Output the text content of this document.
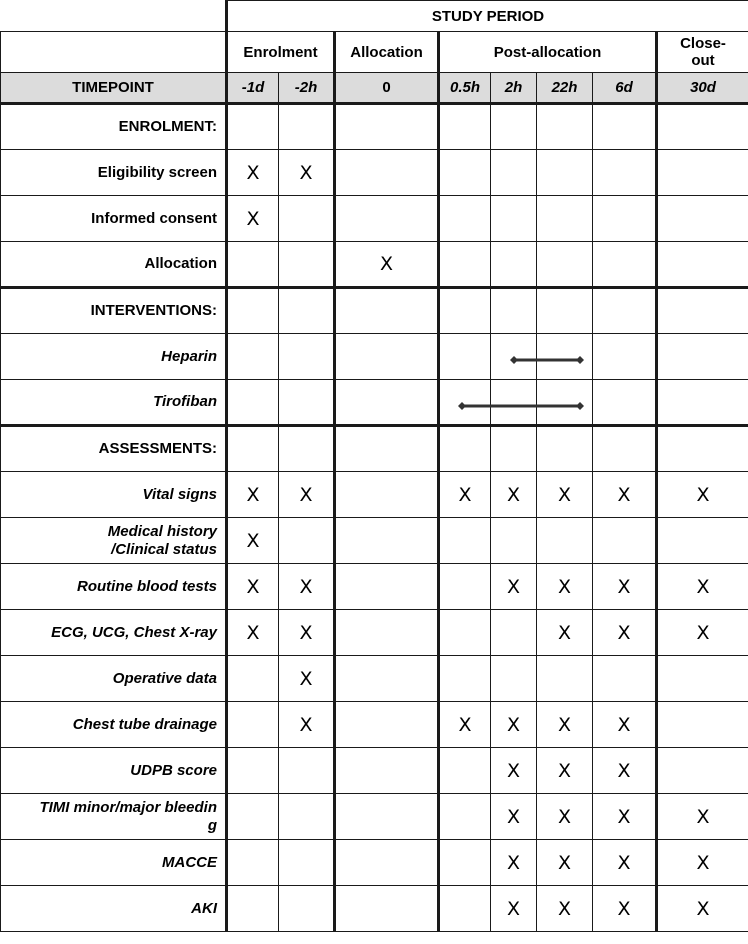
	STUDY PERIOD							
	Enrolment		Allocation	Post-allocation				Close-
out
TIMEPOINT	-1d	-2h	0	0.5h	2h	22h	6d	30d
ENROLMENT:								
Eligibility screen	X	X						
Informed consent	X							
Allocation			X					
INTERVENTIONS:								
Heparin								
Tirofiban								
ASSESSMENTS:								
Vital signs	X	X		X	X	X	X	X
Medical history
/Clinical status	X							
Routine blood tests	X	X			X	X	X	X
ECG, UCG, Chest X-ray	X	X				X	X	X
Operative data		X						
Chest tube drainage		X		X	X	X	X	
UDPB score					X	X	X	
TIMI minor/major bleedin
g					X	X	X	X
MACCE					X	X	X	X
AKI					X	X	X	X
